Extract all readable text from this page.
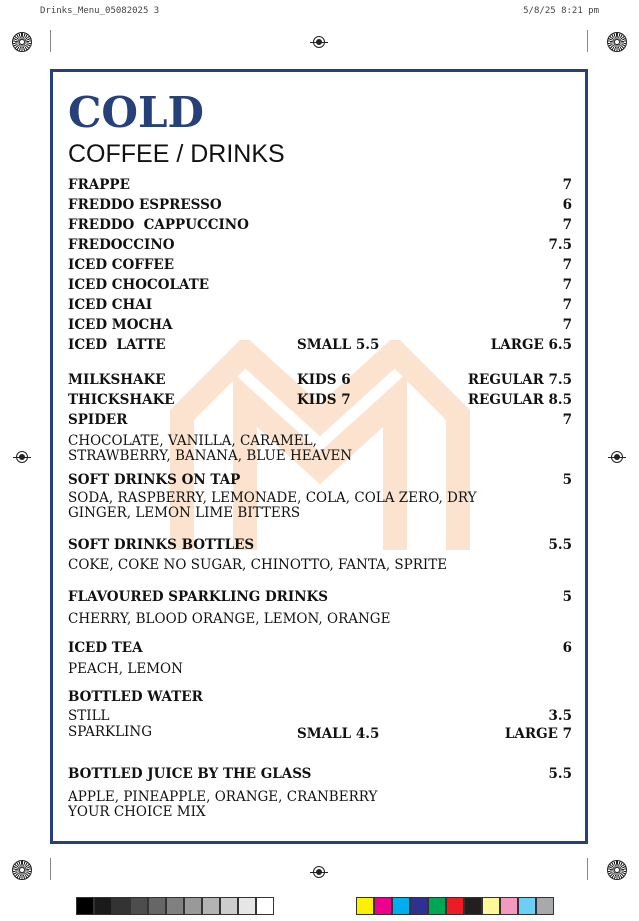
Drinks_Menu_05082025 3	5/8/25 8:21 pm
COLD
COFFEE / DRINKS
FRAPPE	7
FREDDO ESPRESSO	6
FREDDO  CAPPUCCINO	7
FREDOCCINO	7.5
ICED COFFEE	7
ICED CHOCOLATE	7
ICED CHAI	7
ICED MOCHA	7
ICED  LATTE	SMALL 5.5	LARGE 6.5
MILKSHAKE	KIDS 6	REGULAR 7.5
THICKSHAKE	KIDS 7	REGULAR 8.5
SPIDER	7
CHOCOLATE, VANILLA, CARAMEL,
STRAWBERRY, BANANA, BLUE HEAVEN
SOFT DRINKS ON TAP	5
SODA, RASPBERRY, LEMONADE, COLA, COLA ZERO, DRY
GINGER, LEMON LIME BITTERS
SOFT DRINKS BOTTLES	5.5
COKE, COKE NO SUGAR, CHINOTTO, FANTA, SPRITE
FLAVOURED SPARKLING DRINKS	5
CHERRY, BLOOD ORANGE, LEMON, ORANGE
ICED TEA	6
PEACH, LEMON
BOTTLED WATER
STILL	3.5
SPARKLING	SMALL 4.5	LARGE 7
BOTTLED JUICE BY THE GLASS	5.5
APPLE, PINEAPPLE, ORANGE, CRANBERRY
YOUR CHOICE MIX
